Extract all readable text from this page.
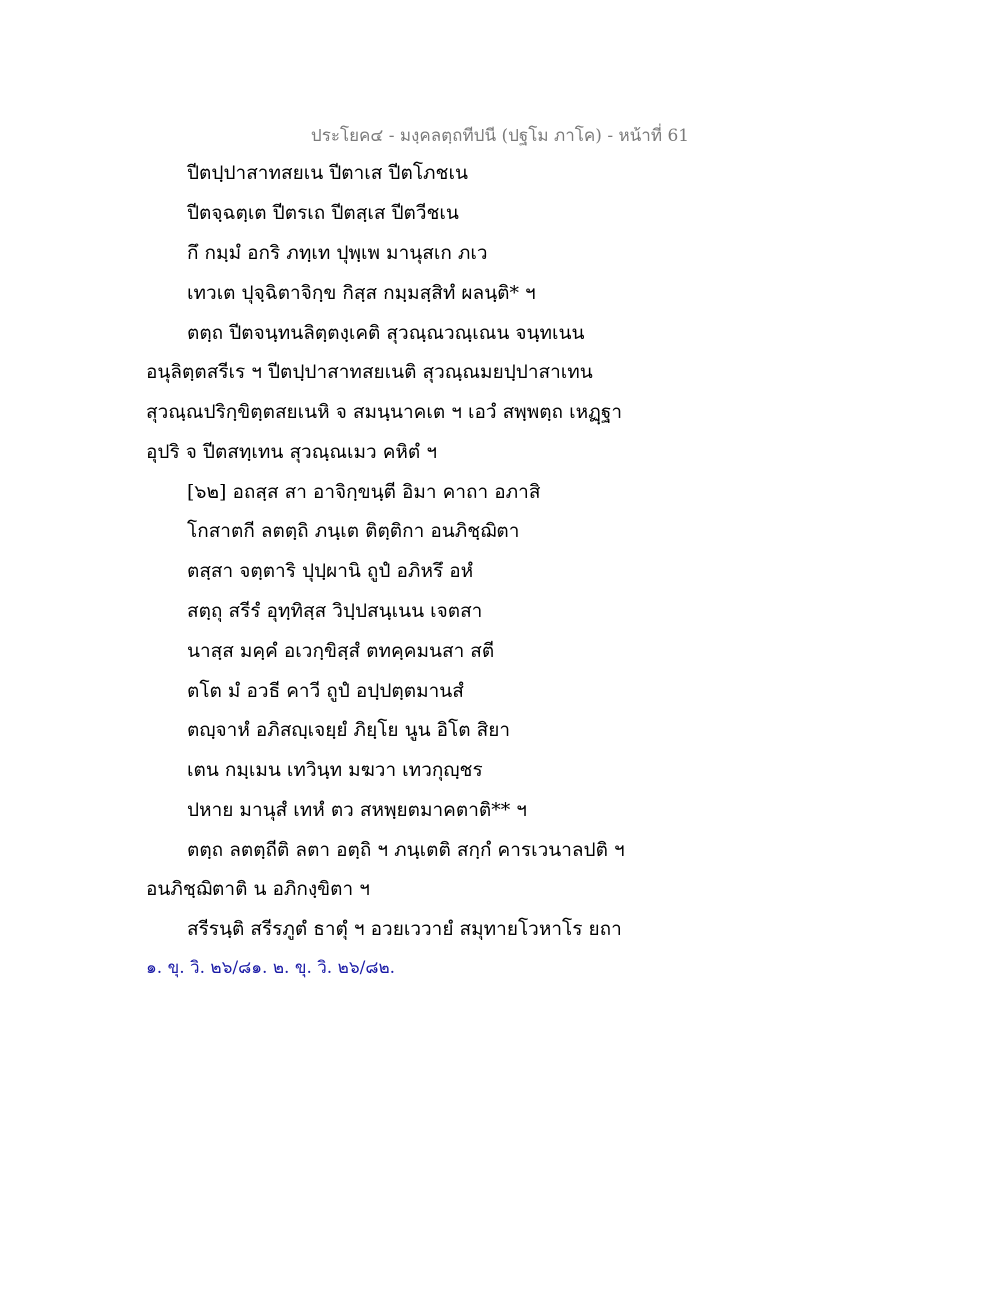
ประโยค๔ - มงฺคลตฺถทีปนี (ปฐโม ภาโค) - หน้าที่ 61
ปีตปฺปาสาทสยเน ปีตาเส ปีตโภชเน
ปีตจฺฉตฺเต ปีตรเถ ปีตสฺเส ปีตวีชเน
กึ กมฺมํ อกริ ภทฺเท ปุพฺเพ มานุสเก ภเว
เทวเต ปุจฺฉิตาจิกฺข กิสฺส กมฺมสฺสิทํ ผลนฺติ* ฯ
ตตฺถ ปีตจนฺทนลิตฺตงฺเคติ สุวณฺณวณฺเณน จนฺทเนน
อนุลิตฺตสรีเร ฯ ปีตปฺปาสาทสยเนติ สุวณฺณมยปฺปาสาเทน
สุวณฺณปริกฺขิตฺตสยเนหิ จ สมนฺนาคเต ฯ เอวํ สพฺพตฺถ เหฏฺฐา
อุปริ จ ปีตสทฺเทน สุวณฺณเมว คหิตํ ฯ
[๖๒] อถสฺส สา อาจิกฺขนฺตี อิมา คาถา อภาสิ
โกสาตกี ลตตฺถิ ภนฺเต ติตฺติกา อนภิชฺฌิตา
ตสฺสา จตฺตาริ ปุปฺผานิ ถูปํ อภิหรึ อหํ
สตฺถุ สรีรํ อุทฺทิสฺส วิปฺปสนฺเนน เจตสา
นาสฺส มคฺคํ อเวกฺขิสฺสํ ตทคฺคมนสา สตี
ตโต มํ อวธี คาวี ถูปํ อปฺปตฺตมานสํ
ตญฺจาหํ อภิสญฺเจยฺยํ ภิยฺโย นูน อิโต สิยา
เตน กมฺเมน เทวินฺท มฆวา เทวกุญฺชร
ปหาย มานุสํ เทหํ ตว สหพฺยตมาคตาติ** ฯ
ตตฺถ ลตตฺถีติ ลตา อตฺถิ ฯ ภนฺเตติ สกฺกํ คารเวนาลปติ ฯ
อนภิชฺฌิตาติ น อภิกงฺขิตา ฯ
สรีรนฺติ สรีรภูตํ ธาตุํ ฯ อวยเววายํ สมุทายโวหาโร ยถา
๑. ขุ. วิ. ๒๖/๘๑. ๒. ขุ. วิ. ๒๖/๘๒.
